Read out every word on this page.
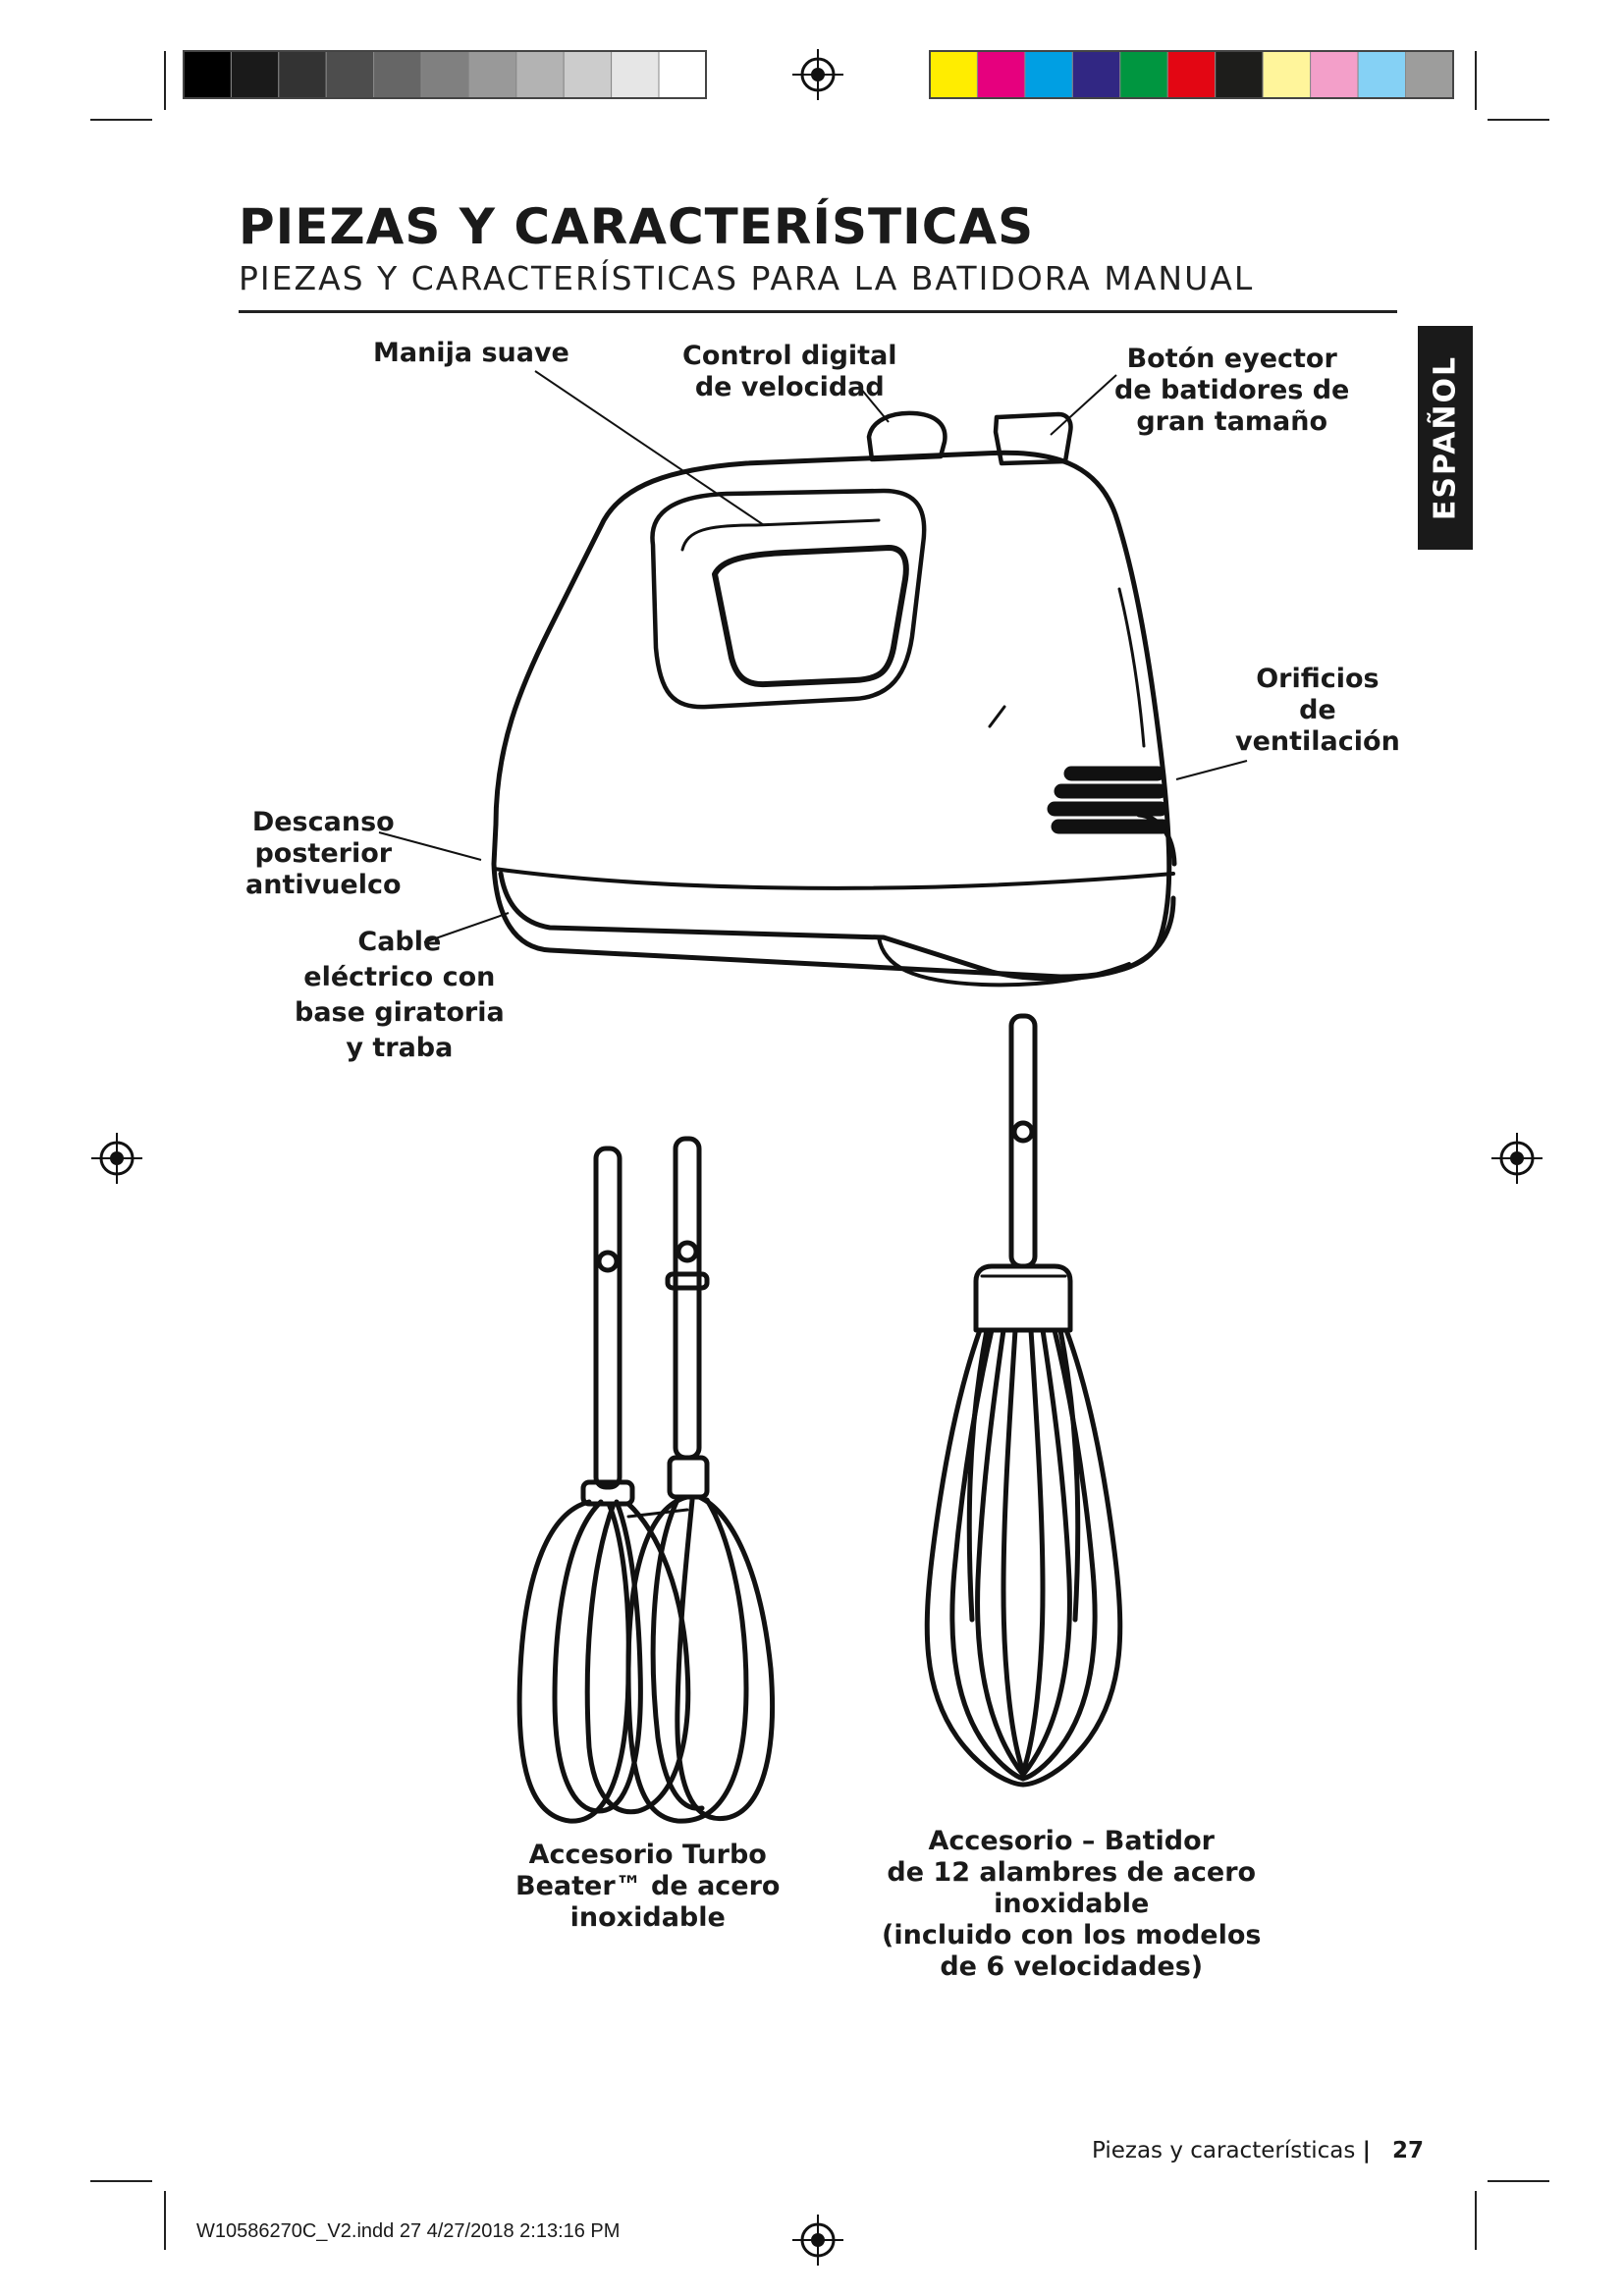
PIEZAS Y CARACTERÍSTICAS
PIEZAS Y CARACTERÍSTICAS PARA LA BATIDORA MANUAL
ESPAÑOL
Manija suave	Control digital
de velocidad
Botón eyector
de batidores de
gran tamaño
Orificios
de
ventilación
Descanso
posterior
antivuelco
Cable
eléctrico con
base giratoria
y traba
Accesorio Turbo
Beater™ de acero
inoxidable
Accesorio – Batidor
de 12 alambres de acero
inoxidable
(incluido con los modelos
de 6 velocidades)
Piezas y características | 27
W10586270C_V2.indd 27 4/27/2018 2:13:16 PM
